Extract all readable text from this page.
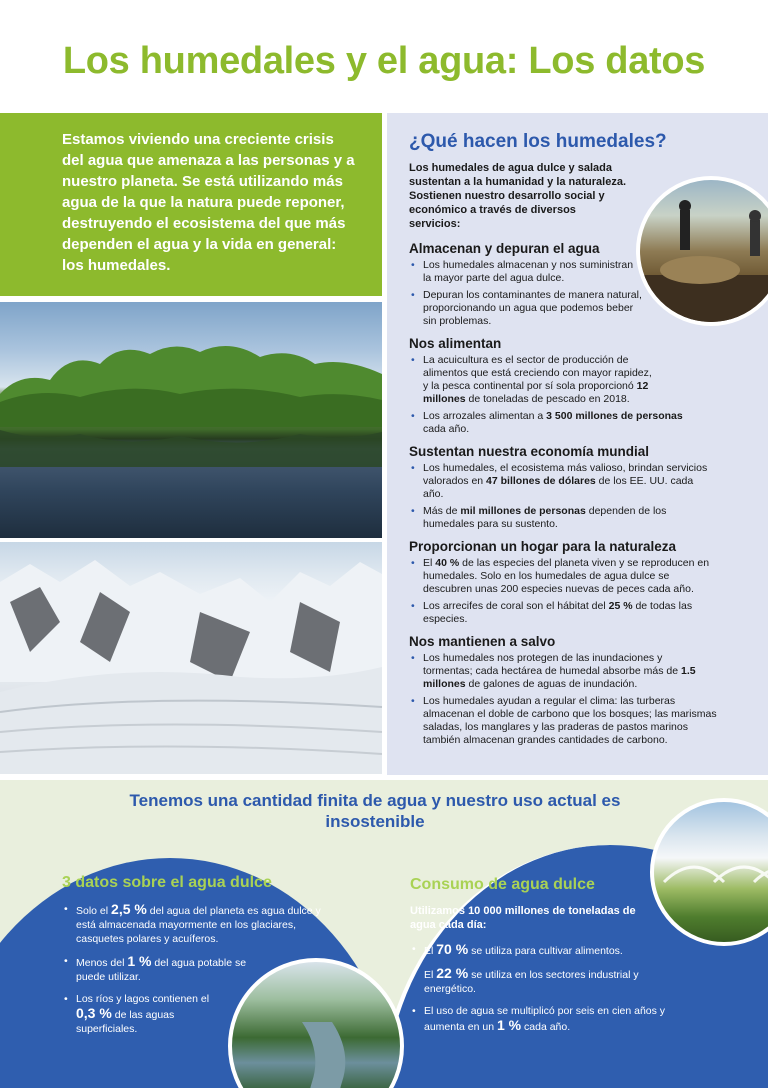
Los humedales y el agua: Los datos

Estamos viviendo una creciente crisis del agua que amenaza a las personas y a nuestro planeta. Se está utilizando más agua de la que la natura puede reponer, destruyendo el ecosistema del que más dependen el agua y la vida en general: los humedales.

¿Qué hacen los humedales?

Los humedales de agua dulce y salada sustentan a la humanidad y la naturaleza. Sostienen nuestro desarrollo social y económico a través de diversos servicios:

Almacenan y depuran el agua
• Los humedales almacenan y nos suministran la mayor parte del agua dulce.
• Depuran los contaminantes de manera natural, proporcionando un agua que podemos beber sin problemas.
Nos alimentan
• La acuicultura es el sector de producción de alimentos que está creciendo con mayor rapidez, y la pesca continental por sí sola proporcionó 12 millones de toneladas de pescado en 2018.
• Los arrozales alimentan a 3 500 millones de personas cada año.
Sustentan nuestra economía mundial
• Los humedales, el ecosistema más valioso, brindan servicios valorados en 47 billones de dólares de los EE. UU. cada año.
• Más de mil millones de personas dependen de los humedales para su sustento.
Proporcionan un hogar para la naturaleza
• El 40 % de las especies del planeta viven y se reproducen en humedales. Solo en los humedales de agua dulce se descubren unas 200 especies nuevas de peces cada año.
• Los arrecifes de coral son el hábitat del 25 % de todas las especies.
Nos mantienen a salvo
• Los humedales nos protegen de las inundaciones y tormentas; cada hectárea de humedal absorbe más de 1.5 millones de galones de aguas de inundación.
• Los humedales ayudan a regular el clima: las turberas almacenan el doble de carbono que los bosques; las marismas saladas, los manglares y las praderas de pastos marinos también almacenan grandes cantidades de carbono.
Tenemos una cantidad finita de agua y nuestro uso actual es insostenible
3 datos sobre el agua dulce
• Solo el 2,5 % del agua del planeta es agua dulce y está almacenada mayormente en los glaciares, casquetes polares y acuíferos.
• Menos del 1 % del agua potable se puede utilizar.
• Los ríos y lagos contienen el 0,3 % de las aguas superficiales.
Consumo de agua dulce

Utilizamos 10 000 millones de toneladas de agua cada día:

• El 70 % se utiliza para cultivar alimentos.
• El 22 % se utiliza en los sectores industrial y energético.
• El uso de agua se multiplicó por seis en cien años y aumenta en un 1 % cada año.
